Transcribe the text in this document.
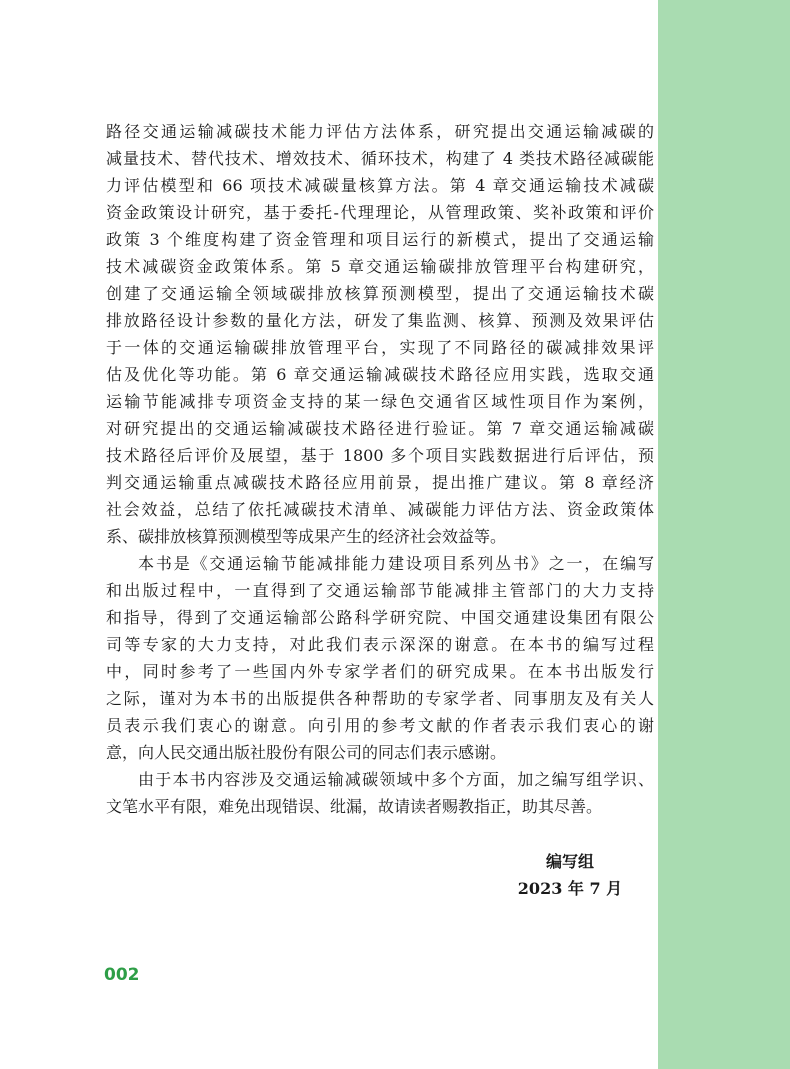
路径交通运输减碳技术能力评估方法体系，研究提出交通运输减碳的
减量技术、替代技术、增效技术、循环技术，构建了 4 类技术路径减碳能
力评估模型和 66 项技术减碳量核算方法。第 4 章交通运输技术减碳
资金政策设计研究，基于委托-代理理论，从管理政策、奖补政策和评价
政策 3 个维度构建了资金管理和项目运行的新模式，提出了交通运输
技术减碳资金政策体系。第 5 章交通运输碳排放管理平台构建研究，
创建了交通运输全领域碳排放核算预测模型，提出了交通运输技术碳
排放路径设计参数的量化方法，研发了集监测、核算、预测及效果评估
于一体的交通运输碳排放管理平台，实现了不同路径的碳减排效果评
估及优化等功能。第 6 章交通运输减碳技术路径应用实践，选取交通
运输节能减排专项资金支持的某一绿色交通省区域性项目作为案例，
对研究提出的交通运输减碳技术路径进行验证。第 7 章交通运输减碳
技术路径后评价及展望，基于 1800 多个项目实践数据进行后评估，预
判交通运输重点减碳技术路径应用前景，提出推广建议。第 8 章经济
社会效益，总结了依托减碳技术清单、减碳能力评估方法、资金政策体
系、碳排放核算预测模型等成果产生的经济社会效益等。
本书是《交通运输节能减排能力建设项目系列丛书》之一，在编写
和出版过程中，一直得到了交通运输部节能减排主管部门的大力支持
和指导，得到了交通运输部公路科学研究院、中国交通建设集团有限公
司等专家的大力支持，对此我们表示深深的谢意。在本书的编写过程
中，同时参考了一些国内外专家学者们的研究成果。在本书出版发行
之际，谨对为本书的出版提供各种帮助的专家学者、同事朋友及有关人
员表示我们衷心的谢意。向引用的参考文献的作者表示我们衷心的谢
意，向人民交通出版社股份有限公司的同志们表示感谢。
由于本书内容涉及交通运输减碳领域中多个方面，加之编写组学识、
文笔水平有限，难免出现错误、纰漏，故请读者赐教指正，助其尽善。
编写组
2023 年 7 月
002
